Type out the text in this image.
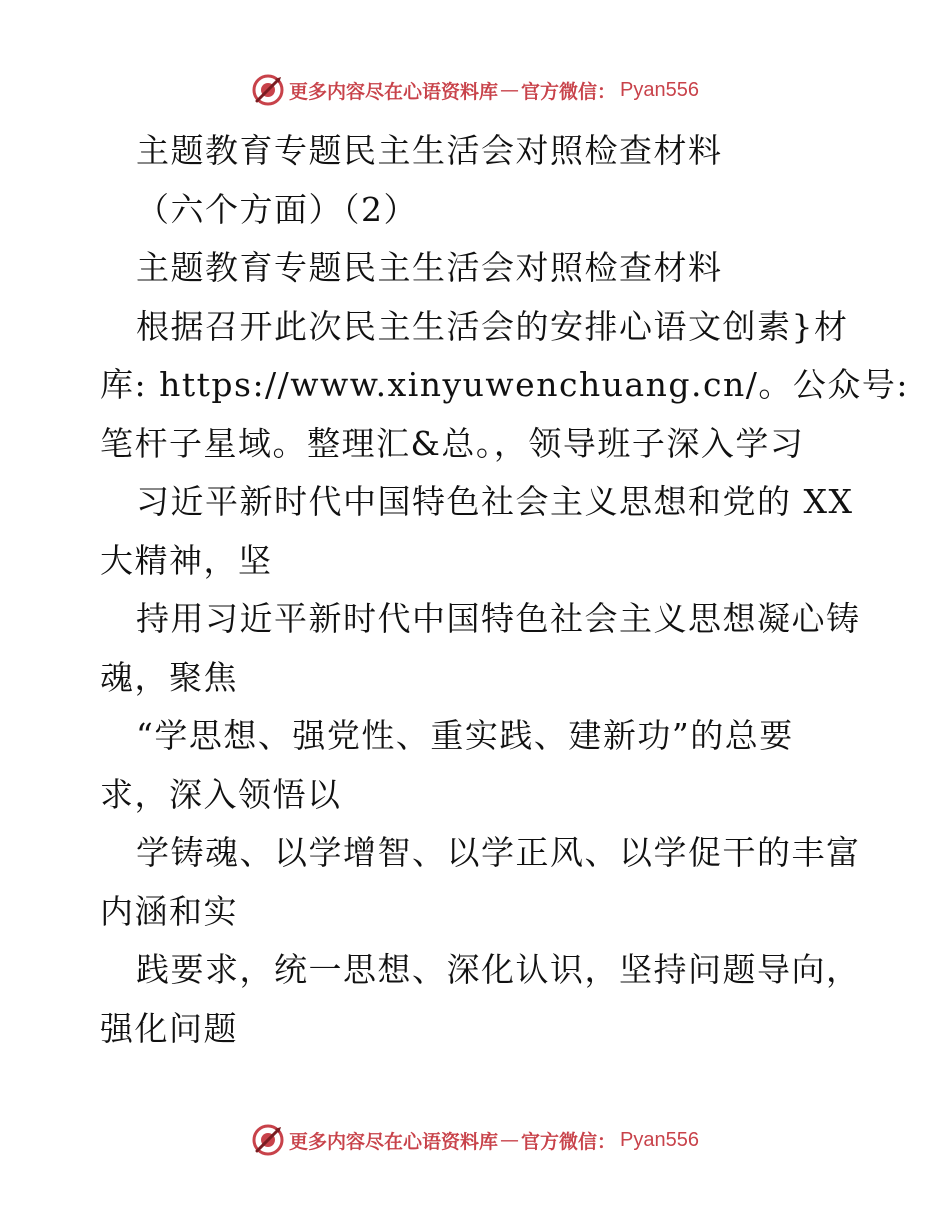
更多内容尽在心语资料库 — 官方微信： Pyan556
主题教育专题民主生活会对照检查材料
（六个方面）（2）
主题教育专题民主生活会对照检查材料
根据召开此次民主生活会的安排心语文创素}材
库: https://www.xinyuwenchuang.cn/。公众号:
笔杆子星域。整理汇&总。，领导班子深入学习
习近平新时代中国特色社会主义思想和党的 XX
大精神，坚
持用习近平新时代中国特色社会主义思想凝心铸
魂，聚焦
“学思想、强党性、重实践、建新功”的总要
求，深入领悟以
学铸魂、以学增智、以学正风、以学促干的丰富
内涵和实
践要求，统一思想、深化认识，坚持问题导向，
强化问题
更多内容尽在心语资料库 — 官方微信： Pyan556
